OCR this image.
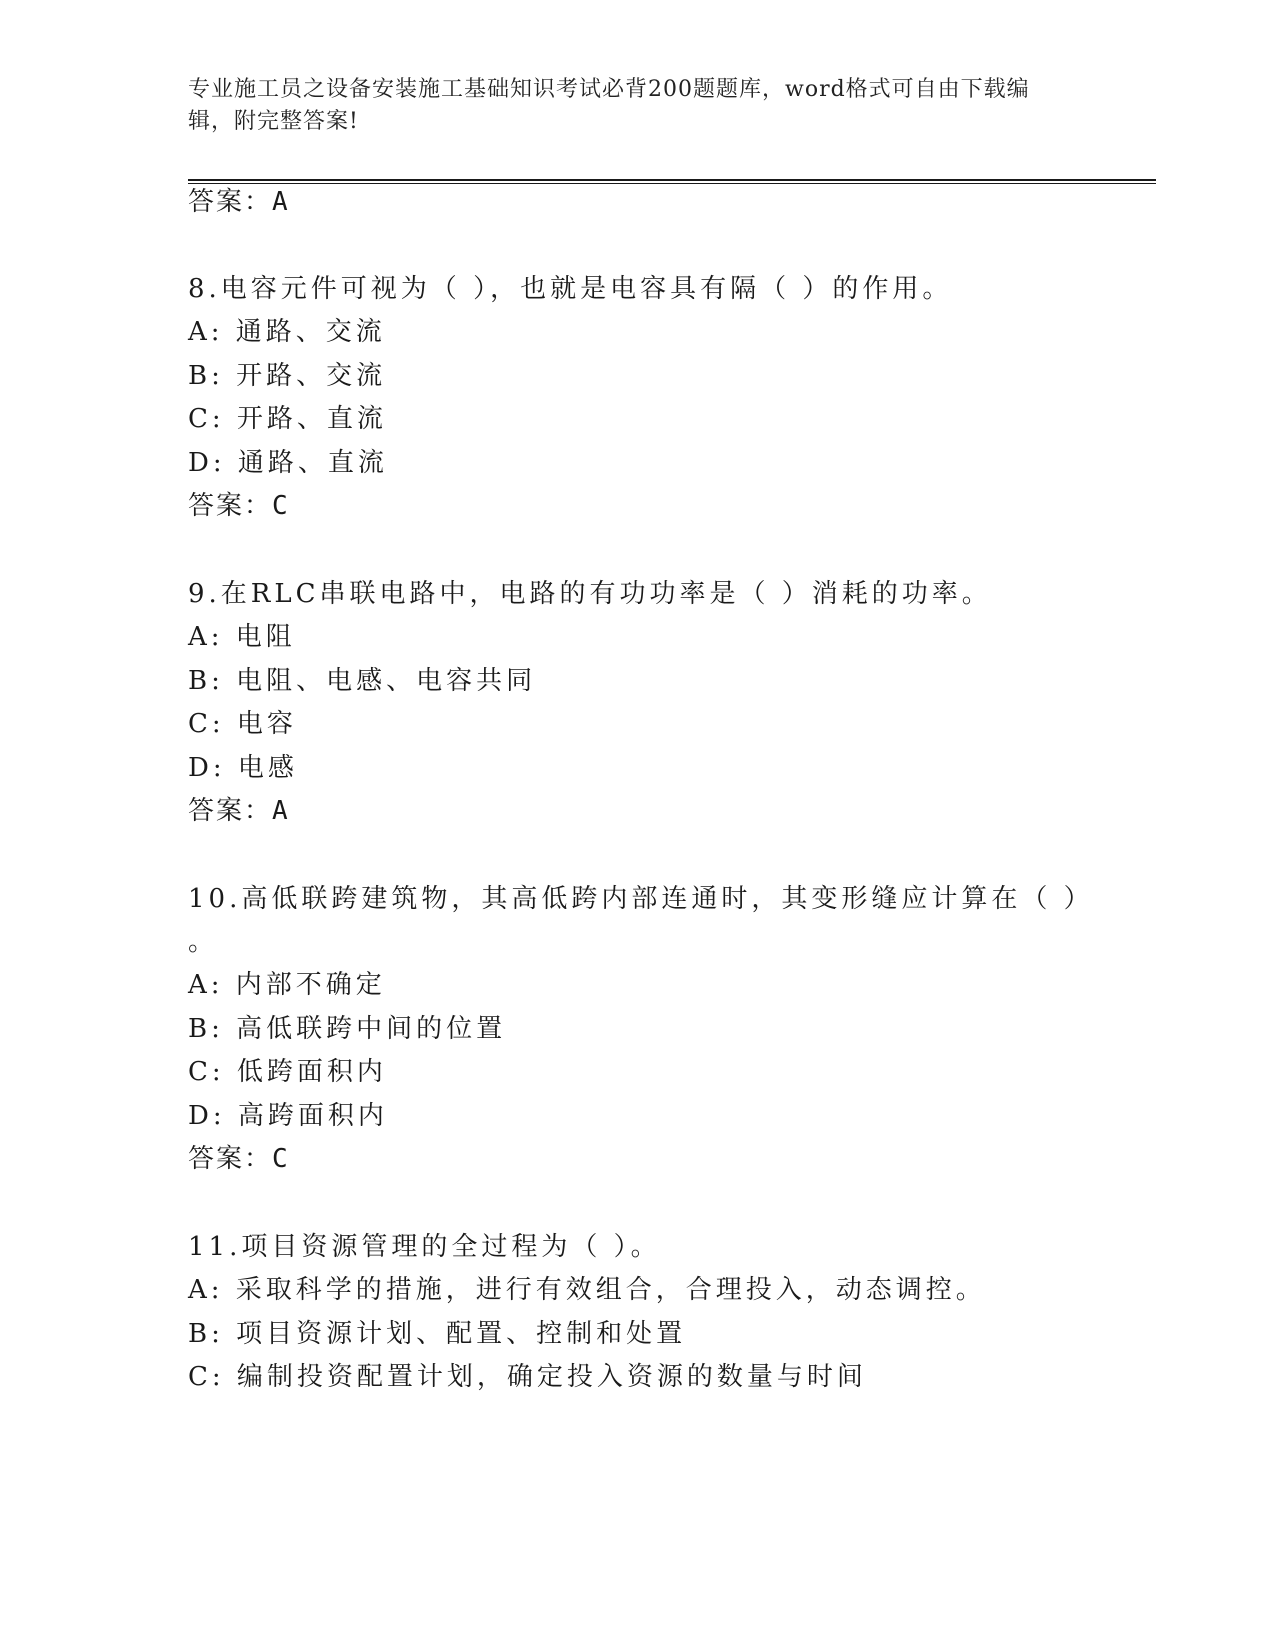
专业施工员之设备安装施工基础知识考试必背200题题库，word格式可自由下载编辑，附完整答案!
答案：A
8.电容元件可视为（ ），也就是电容具有隔（ ）的作用。
A: 通路、交流
B: 开路、交流
C: 开路、直流
D: 通路、直流
答案：C
9.在RLC串联电路中，电路的有功功率是（ ）消耗的功率。
A: 电阻
B: 电阻、电感、电容共同
C: 电容
D: 电感
答案：A
10.高低联跨建筑物，其高低跨内部连通时，其变形缝应计算在（ ）
。
A: 内部不确定
B: 高低联跨中间的位置
C: 低跨面积内
D: 高跨面积内
答案：C
11.项目资源管理的全过程为（ ）。
A: 采取科学的措施，进行有效组合，合理投入，动态调控。
B: 项目资源计划、配置、控制和处置
C: 编制投资配置计划，确定投入资源的数量与时间
